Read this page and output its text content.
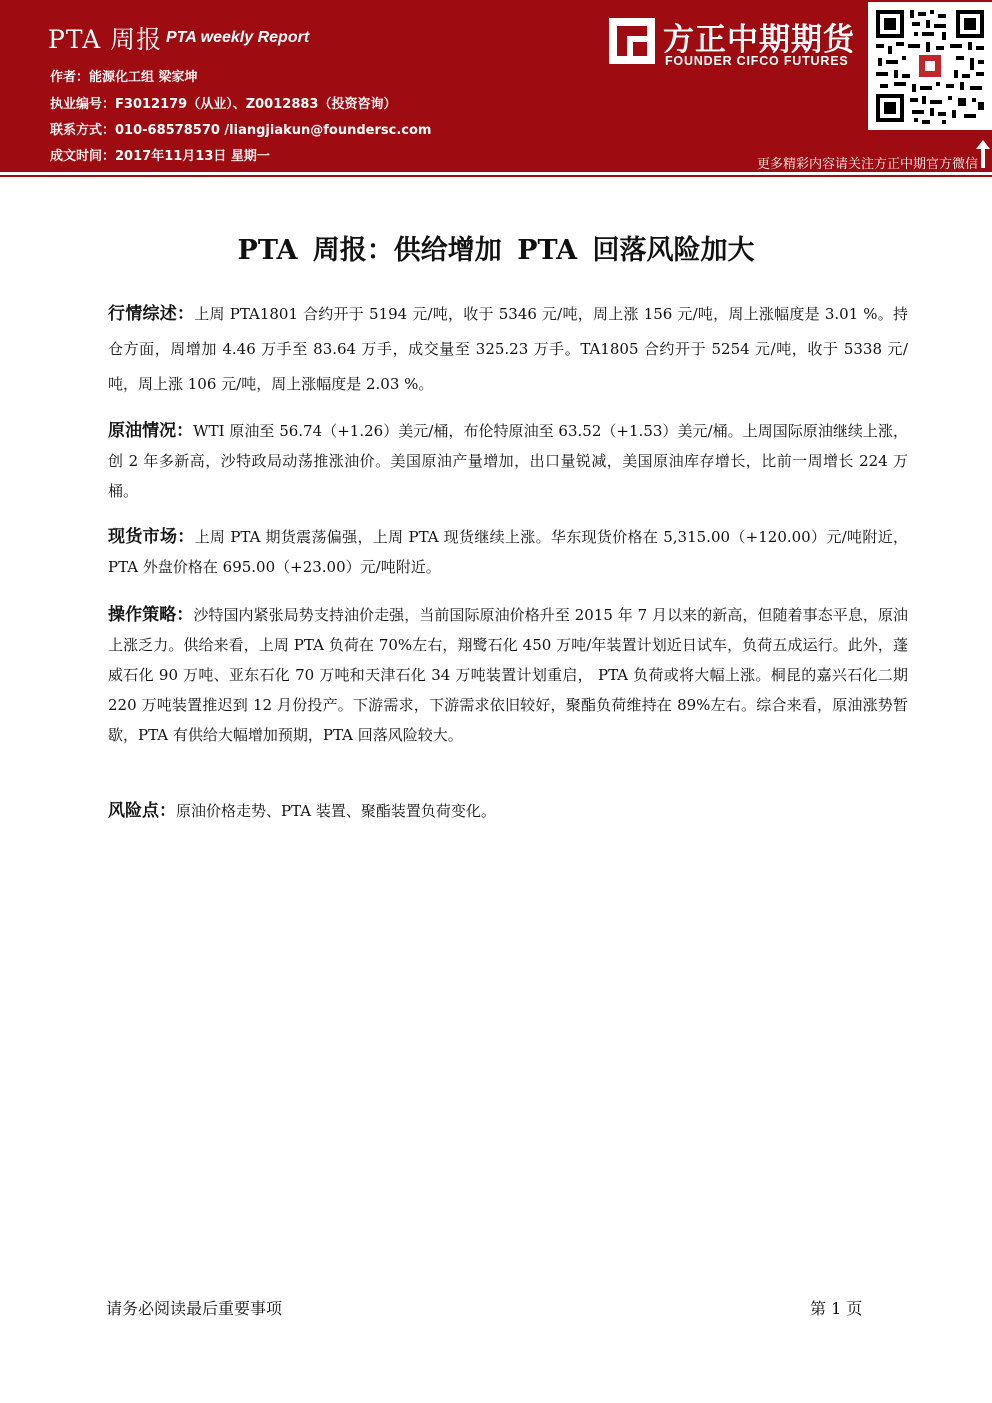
PTA 周报 PTA weekly Report
作者：能源化工组 梁家坤
执业编号：F3012179（从业）、Z0012883（投资咨询）
联系方式：010-68578570 /liangjiakun@foundersc.com
成文时间：2017年11月13日 星期一
方正中期期货
FOUNDER CIFCO FUTURES
更多精彩内容请关注方正中期官方微信
PTA 周报：供给增加 PTA 回落风险加大
行情综述：上周 PTA1801 合约开于 5194 元/吨，收于 5346 元/吨，周上涨 156 元/吨，周上涨幅度是 3.01 %。持仓方面，周增加 4.46 万手至 83.64 万手，成交量至 325.23 万手。TA1805 合约开于 5254 元/吨，收于 5338 元/吨，周上涨 106 元/吨，周上涨幅度是 2.03 %。
原油情况：WTI 原油至 56.74（+1.26）美元/桶，布伦特原油至 63.52（+1.53）美元/桶。上周国际原油继续上涨，创 2 年多新高，沙特政局动荡推涨油价。美国原油产量增加，出口量锐减，美国原油库存增长，比前一周增长 224 万桶。
现货市场：上周 PTA 期货震荡偏强，上周 PTA 现货继续上涨。华东现货价格在 5,315.00（+120.00）元/吨附近，PTA 外盘价格在 695.00（+23.00）元/吨附近。
操作策略：沙特国内紧张局势支持油价走强，当前国际原油价格升至 2015 年 7 月以来的新高，但随着事态平息，原油上涨乏力。供给来看，上周 PTA 负荷在 70%左右，翔鹭石化 450 万吨/年装置计划近日试车，负荷五成运行。此外，蓬威石化 90 万吨、亚东石化 70 万吨和天津石化 34 万吨装置计划重启， PTA 负荷或将大幅上涨。桐昆的嘉兴石化二期 220 万吨装置推迟到 12 月份投产。下游需求，下游需求依旧较好，聚酯负荷维持在 89%左右。综合来看，原油涨势暂歇，PTA 有供给大幅增加预期，PTA 回落风险较大。
风险点：原油价格走势、PTA 装置、聚酯装置负荷变化。
请务必阅读最后重要事项	第 1 页
